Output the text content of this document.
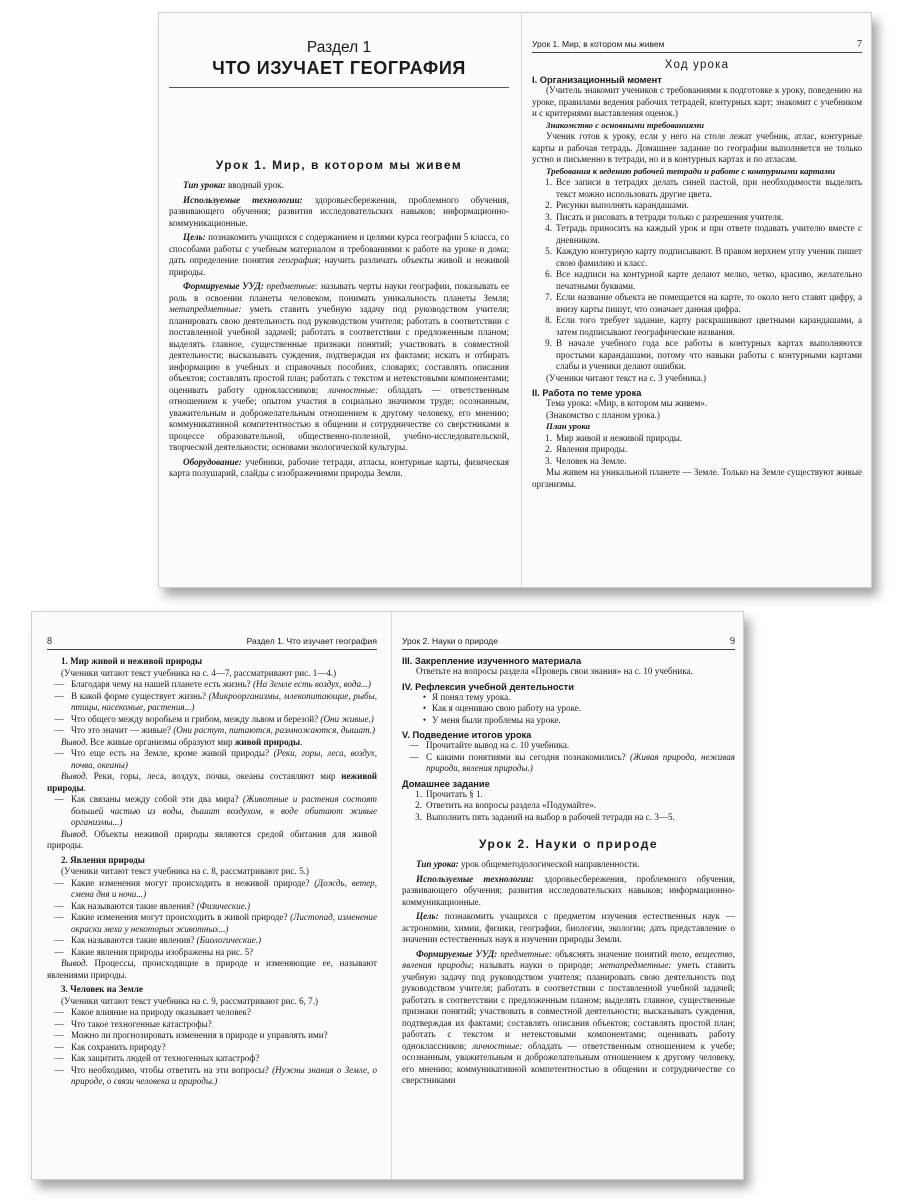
Раздел 1
ЧТО ИЗУЧАЕТ ГЕОГРАФИЯ
Урок 1. Мир, в котором мы живем

Тип урока: вводный урок.

Используемые технологии: здоровьесбережения, проблемного обучения, развивающего обучения; развития исследовательских навыков; информационно-коммуникационные.

Цель: познакомить учащихся с содержанием и целями курса географии 5 класса, со способами работы с учебным материалом и требованиями к работе на уроке и дома; дать определение понятия география; научить различать объекты живой и неживой природы.

Формируемые УУД: предметные: называть черты науки географии, показывать ее роль в освоении планеты человеком, понимать уникальность планеты Земля; метапредметные: уметь ставить учебную задачу под руководством учителя; планировать свою деятельность под руководством учителя; работать в соответствии с поставленной учебной задачей; работать в соответствии с предложенным планом; выделять главное, существенные признаки понятий; участвовать в совместной деятельности; высказывать суждения, подтверждая их фактами; искать и отбирать информацию в учебных и справочных пособиях, словарях; составлять описания объектов; составлять простой план; работать с текстом и нетекстовыми компонентами; оценивать работу одноклассников; личностные: обладать — ответственным отношением к учебе; опытом участия в социально значимом труде; осознанным, уважительным и доброжелательным отношением к другому человеку, его мнению; коммуникативной компетентностью в общении и сотрудничестве со сверстниками в процессе образовательной, общественно-полезной, учебно-исследовательской, творческой деятельности; основами экологической культуры.

Оборудование: учебники, рабочие тетради, атласы, контурные карты, физическая карта полушарий, слайды с изображениями природы Земли.

Урок 1. Мир, в котором мы живем	7
Ход урока
I. Организационный момент

(Учитель знакомит учеников с требованиями к подготовке к уроку, поведению на уроке, правилами ведения рабочих тетрадей, контурных карт; знакомит с учебником и с критериями выставления оценок.)

Знакомство с основными требованиями

Ученик готов к уроку, если у него на столе лежат учебник, атлас, контурные карты и рабочая тетрадь. Домашнее задание по географии выполняется не только устно и письменно в тетради, но и в контурных картах и по атласам.

Требования к ведению рабочей тетради и работе с контурными картами

1. Все записи в тетрадях делать синей пастой, при необходимости выделить текст можно использовать другие цвета.
2. Рисунки выполнять карандашами.
3. Писать и рисовать в тетради только с разрешения учителя.
4. Тетрадь приносить на каждый урок и при ответе подавать учителю вместе с дневником.
5. Каждую контурную карту подписывают. В правом верхнем углу ученик пишет свою фамилию и класс.
6. Все надписи на контурной карте делают мелко, четко, красиво, желательно печатными буквами.
7. Если название объекта не помещается на карте, то около него ставят цифру, а внизу карты пишут, что означает данная цифра.
8. Если того требует задание, карту раскрашивают цветными карандашами, а затем подписывают географические названия.
9. В начале учебного года все работы в контурных картах выполняются простыми карандашами, потому что навыки работы с контурными картами слабы и ученики делают ошибки.

(Ученики читают текст на с. 3 учебника.)

II. Работа по теме урока

Тема урока: «Мир, в котором мы живем».

(Знакомство с планом урока.)

План урока

1. Мир живой и неживой природы.
2. Явления природы.
3. Человек на Земле.

Мы живем на уникальной планете — Земле. Только на Земле существуют живые организмы.

8	Раздел 1. Что изучает география
1. Мир живой и неживой природы

(Ученики читают текст учебника на с. 4—7, рассматривают рис. 1—4.)

— Благодаря чему на нашей планете есть жизнь? (На Земле есть воздух, вода...)
— В какой форме существует жизнь? (Микроорганизмы, млекопитающие, рыбы, птицы, насекомые, растения...)
— Что общего между воробьем и грибом, между львом и березой? (Они живые.)
— Что это значит — живые? (Они растут, питаются, размножаются, дышат.)

Вывод. Все живые организмы образуют мир живой природы.

— Что еще есть на Земле, кроме живой природы? (Реки, горы, леса, воздух, почва, океаны)

Вывод. Реки, горы, леса, воздух, почва, океаны составляют мир неживой природы.

— Как связаны между собой эти два мира? (Животные и растения состоят большей частью из воды, дышат воздухом, в воде обитают живые организмы...)

Вывод. Объекты неживой природы являются средой обитания для живой природы.

2. Явления природы

(Ученики читают текст учебника на с. 8, рассматривают рис. 5.)

— Какие изменения могут происходить в неживой природе? (Дождь, ветер, смена дня и ночи...)
— Как называются такие явления? (Физические.)
— Какие изменения могут происходить в живой природе? (Листопад, изменение окраски меха у некоторых животных...)
— Как называются такие явления? (Биологические.)
— Какие явления природы изображены на рис. 5?

Вывод. Процессы, происходящие в природе и изменяющие ее, называют явлениями природы.

3. Человек на Земле

(Ученики читают текст учебника на с. 9, рассматривают рис. 6, 7.)

— Какое влияние на природу оказывает человек?
— Что такое техногенные катастрофы?
— Можно ли прогнозировать изменения в природе и управлять ими?
— Как сохранить природу?
— Как защитить людей от техногенных катастроф?
— Что необходимо, чтобы ответить на эти вопросы? (Нужны знания о Земле, о природе, о связи человека и природы.)
Урок 2. Науки о природе	9
III. Закрепление изученного материала

Ответьте на вопросы раздела «Проверь свои знания» на с. 10 учебника.

IV. Рефлексия учебной деятельности
• Я понял тему урока.
• Как я оцениваю свою работу на уроке.
• У меня были проблемы на уроке.
V. Подведение итогов урока
— Прочитайте вывод на с. 10 учебника.
— С какими понятиями вы сегодня познакомились? (Живая природа, неживая природа, явления природы.)
Домашнее задание
1. Прочитать § 1.
2. Ответить на вопросы раздела «Подумайте».
3. Выполнить пять заданий на выбор в рабочей тетради на с. 3—5.
Урок 2. Науки о природе

Тип урока: урок общеметодологической направленности.

Используемые технологии: здоровьесбережения, проблемного обучения, развивающего обучения; развития исследовательских навыков; информационно-коммуникационные.

Цель: познакомить учащихся с предметом изучения естественных наук — астрономии, химии, физики, географии, биологии, экологии; дать представление о значении естественных наук в изучении природы Земли.

Формируемые УУД: предметные: объяснять значение понятий тело, вещество, явления природы; называть науки о природе; метапредметные: уметь ставить учебную задачу под руководством учителя; планировать свою деятельность под руководством учителя; работать в соответствии с поставленной учебной задачей; работать в соответствии с предложенным планом; выделять главное, существенные признаки понятий; участвовать в совместной деятельности; высказывать суждения, подтверждая их фактами; составлять описания объектов; составлять простой план; работать с текстом и нетекстовыми компонентами; оценивать работу одноклассников; личностные: обладать — ответственным отношением к учебе; осознанным, уважительным и доброжелательным отношением к другому человеку, его мнению; коммуникативной компетентностью в общении и сотрудничестве со сверстниками
